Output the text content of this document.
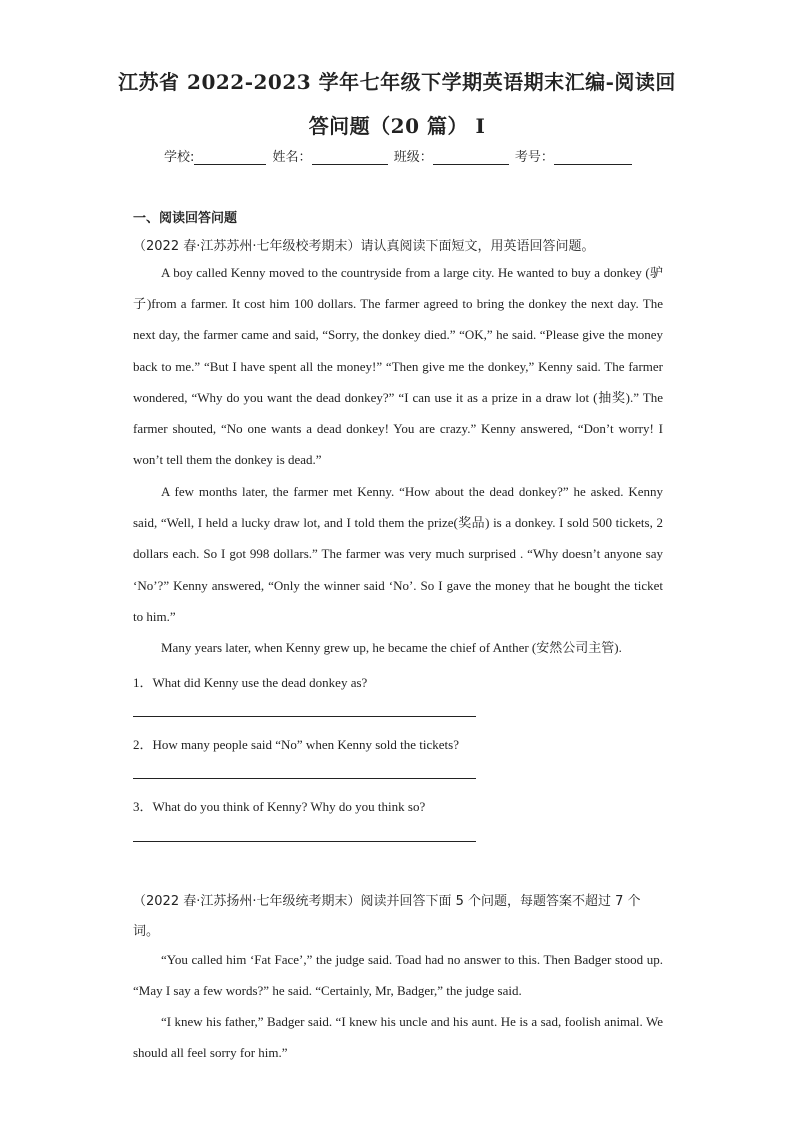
江苏省 2022-2023 学年七年级下学期英语期末汇编-阅读回
答问题（20 篇） I
学校:	姓名：	班级：	考号：
一、阅读回答问题
（2022 春·江苏苏州·七年级校考期末）请认真阅读下面短文，用英语回答问题。
A boy called Kenny moved to the countryside from a large city. He wanted to buy a donkey (驴子)from a farmer. It cost him 100 dollars. The farmer agreed to bring the donkey the next day. The next day, the farmer came and said, “Sorry, the donkey died.” “OK,” he said. “Please give the money back to me.” “But I have spent all the money!” “Then give me the donkey,” Kenny said. The farmer wondered, “Why do you want the dead donkey?” “I can use it as a prize in a draw lot (抽奖).” The farmer shouted, “No one wants a dead donkey! You are crazy.” Kenny answered, “Don’t worry! I won’t tell them the donkey is dead.”
A few months later, the farmer met Kenny. “How about the dead donkey?” he asked. Kenny said, “Well, I held a lucky draw lot, and I told them the prize(奖品) is a donkey. I sold 500 tickets, 2 dollars each. So I got 998 dollars.” The farmer was very much surprised . “Why doesn’t anyone say ‘No’?” Kenny answered, “Only the winner said ‘No’. So I gave the money that he bought the ticket to him.”
Many years later, when Kenny grew up, he became the chief of Anther (安然公司主管).
1．What did Kenny use the dead donkey as?
2．How many people said “No” when Kenny sold the tickets?
3．What do you think of Kenny? Why do you think so?
（2022 春·江苏扬州·七年级统考期末）阅读并回答下面 5 个问题，每题答案不超过 7 个
词。
“You called him ‘Fat Face’,” the judge said. Toad had no answer to this. Then Badger stood up. “May I say a few words?” he said. “Certainly, Mr, Badger,” the judge said.
“I knew his father,” Badger said. “I knew his uncle and his aunt. He is a sad, foolish animal. We should all feel sorry for him.”
